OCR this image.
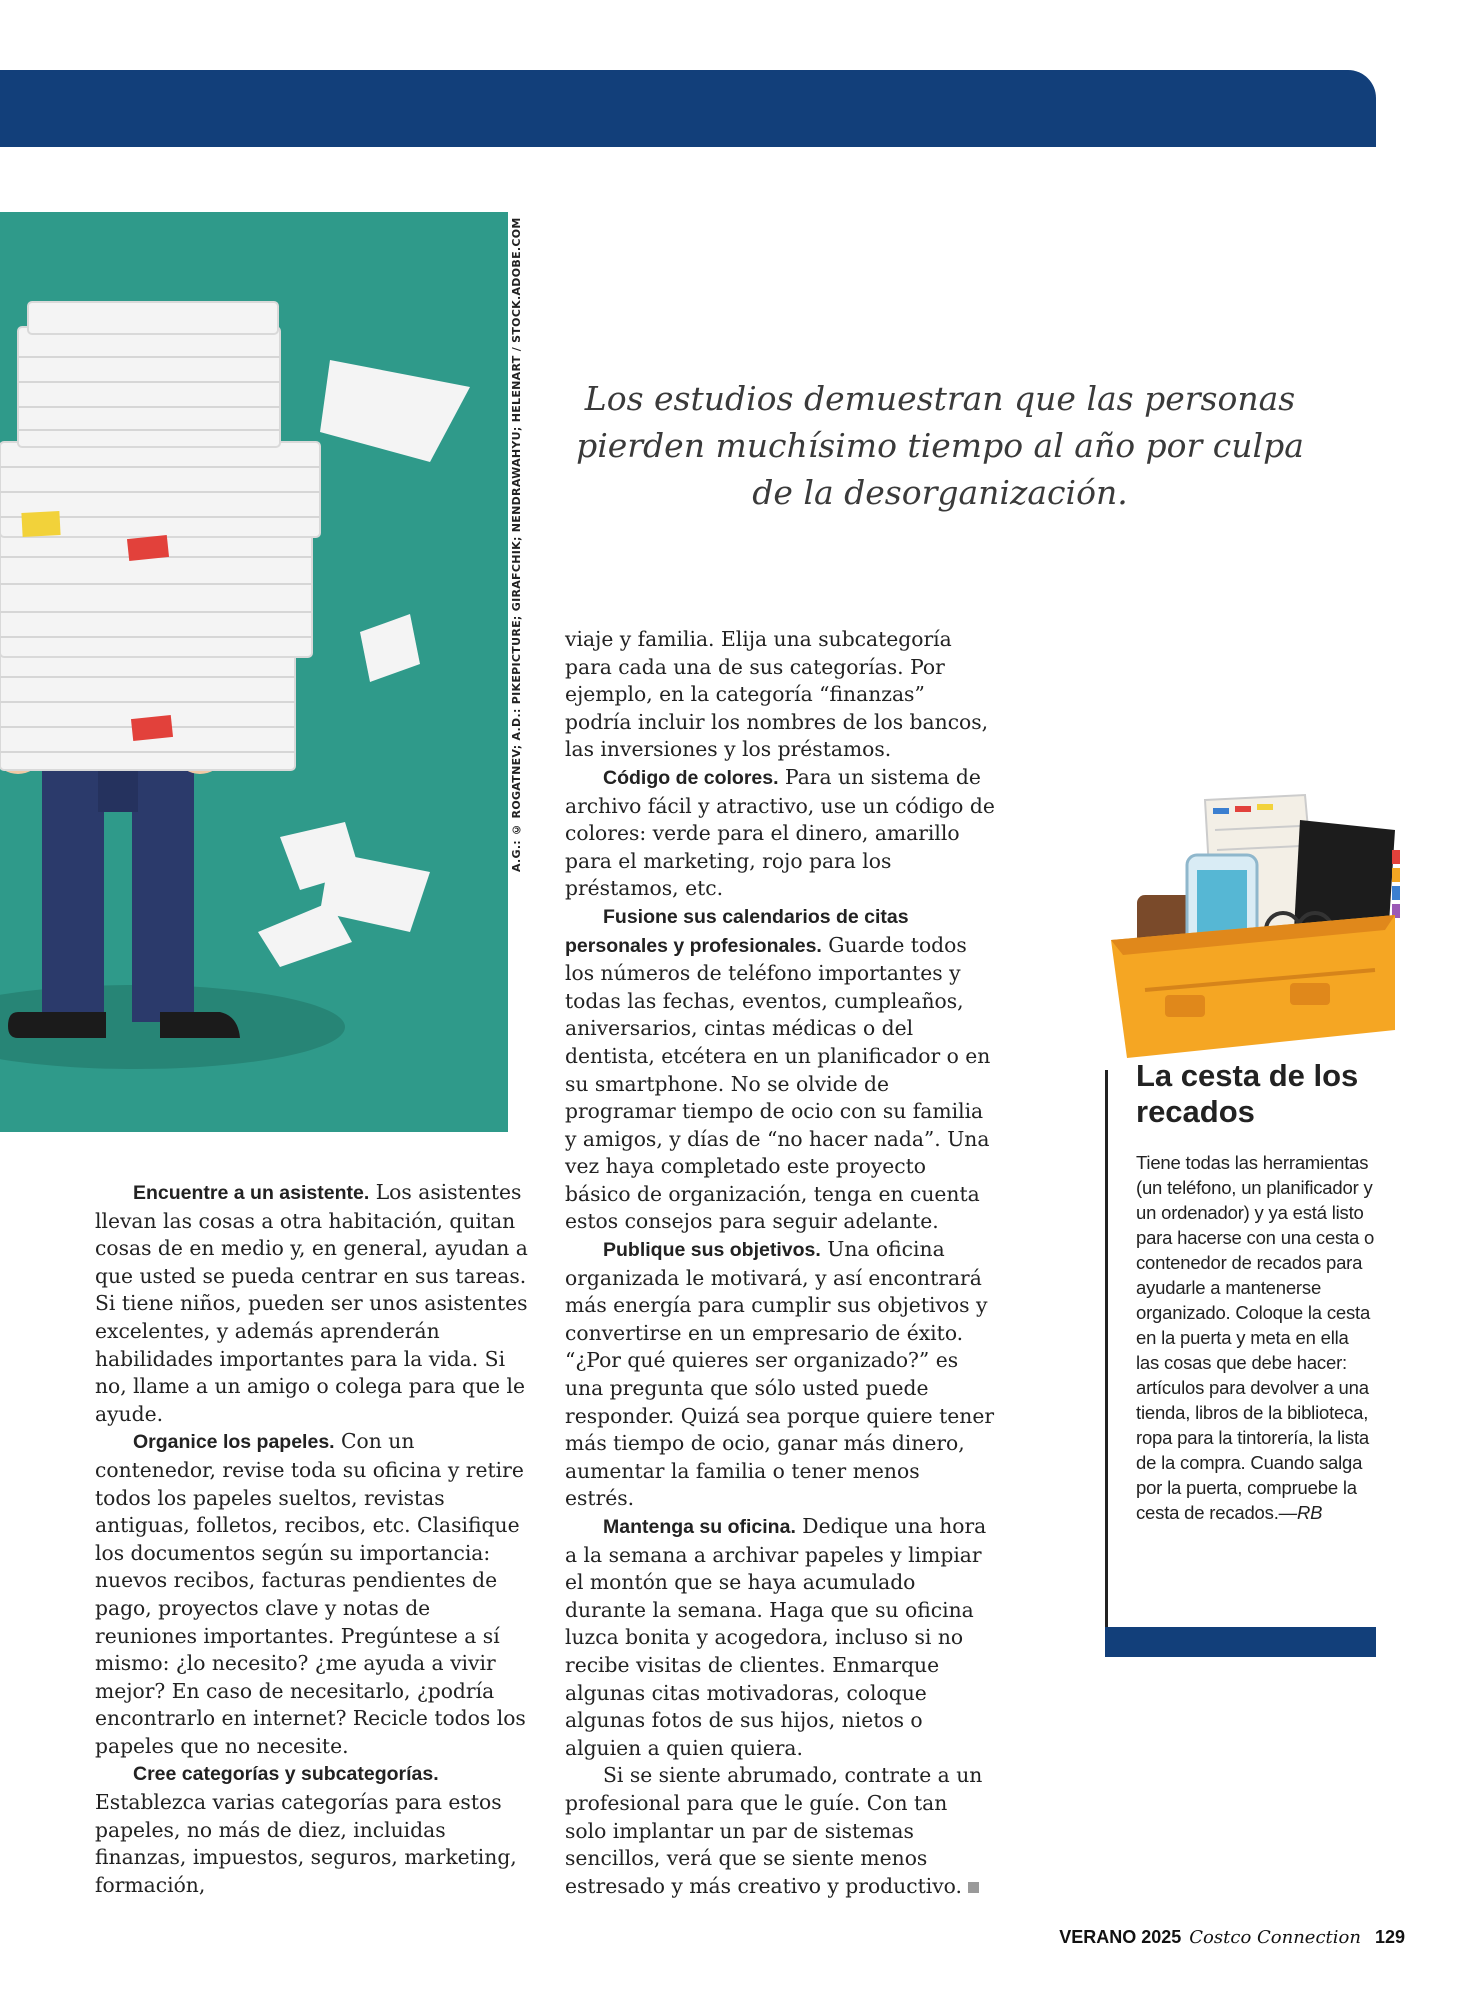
A.G.: © ROGATNEV; A.D.: PIKEPICTURE; GIRAFCHIK; NENDRAWAHYU; HELENART / STOCK.ADOBE.COM	Los estudios demuestran que las personas pierden muchísimo tiempo al año por culpa de la desorganización.

Encuentre a un asistente. Los asistentes llevan las cosas a otra habitación, quitan cosas de en medio y, en general, ayudan a que usted se pueda centrar en sus tareas. Si tiene niños, pueden ser unos asistentes excelentes, y además aprenderán habilidades importantes para la vida. Si no, llame a un amigo o colega para que le ayude.

Organice los papeles. Con un contenedor, revise toda su oficina y retire todos los papeles sueltos, revistas antiguas, folletos, recibos, etc. Clasifique los documentos según su importancia: nuevos recibos, facturas pendientes de pago, proyectos clave y notas de reuniones importantes. Pregúntese a sí mismo: ¿lo necesito? ¿me ayuda a vivir mejor? En caso de necesitarlo, ¿podría encontrarlo en internet? Recicle todos los papeles que no necesite.

Cree categorías y subcategorías. Establezca varias categorías para estos papeles, no más de diez, incluidas finanzas, impuestos, seguros, marketing, formación,

viaje y familia. Elija una subcategoría para cada una de sus categorías. Por ejemplo, en la categoría “finanzas” podría incluir los nombres de los bancos, las inversiones y los préstamos.

Código de colores. Para un sistema de archivo fácil y atractivo, use un código de colores: verde para el dinero, amarillo para el marketing, rojo para los préstamos, etc.

Fusione sus calendarios de citas personales y profesionales. Guarde todos los números de teléfono importantes y todas las fechas, eventos, cumpleaños, aniversarios, cintas médicas o del dentista, etcétera en un planificador o en su smartphone. No se olvide de programar tiempo de ocio con su familia y amigos, y días de “no hacer nada”. Una vez haya completado este proyecto básico de organización, tenga en cuenta estos consejos para seguir adelante.

Publique sus objetivos. Una oficina organizada le motivará, y así encontrará más energía para cumplir sus objetivos y convertirse en un empresario de éxito. “¿Por qué quieres ser organizado?” es una pregunta que sólo usted puede responder. Quizá sea porque quiere tener más tiempo de ocio, ganar más dinero, aumentar la familia o tener menos estrés.

Mantenga su oficina. Dedique una hora a la semana a archivar papeles y limpiar el montón que se haya acumulado durante la semana. Haga que su oficina luzca bonita y acogedora, incluso si no recibe visitas de clientes. Enmarque algunas citas motivadoras, coloque algunas fotos de sus hijos, nietos o alguien a quien quiera.

Si se siente abrumado, contrate a un profesional para que le guíe. Con tan solo implantar un par de sistemas sencillos, verá que se siente menos estresado y más creativo y productivo.

La cesta de los recados
Tiene todas las herramientas (un teléfono, un planificador y un ordenador) y ya está listo para hacerse con una cesta o contenedor de recados para ayudarle a mantenerse organizado. Coloque la cesta en la puerta y meta en ella las cosas que debe hacer: artículos para devolver a una tienda, libros de la biblioteca, ropa para la tintorería, la lista de la compra. Cuando salga por la puerta, compruebe la cesta de recados.—RB
VERANO 2025 Costco Connection 129
